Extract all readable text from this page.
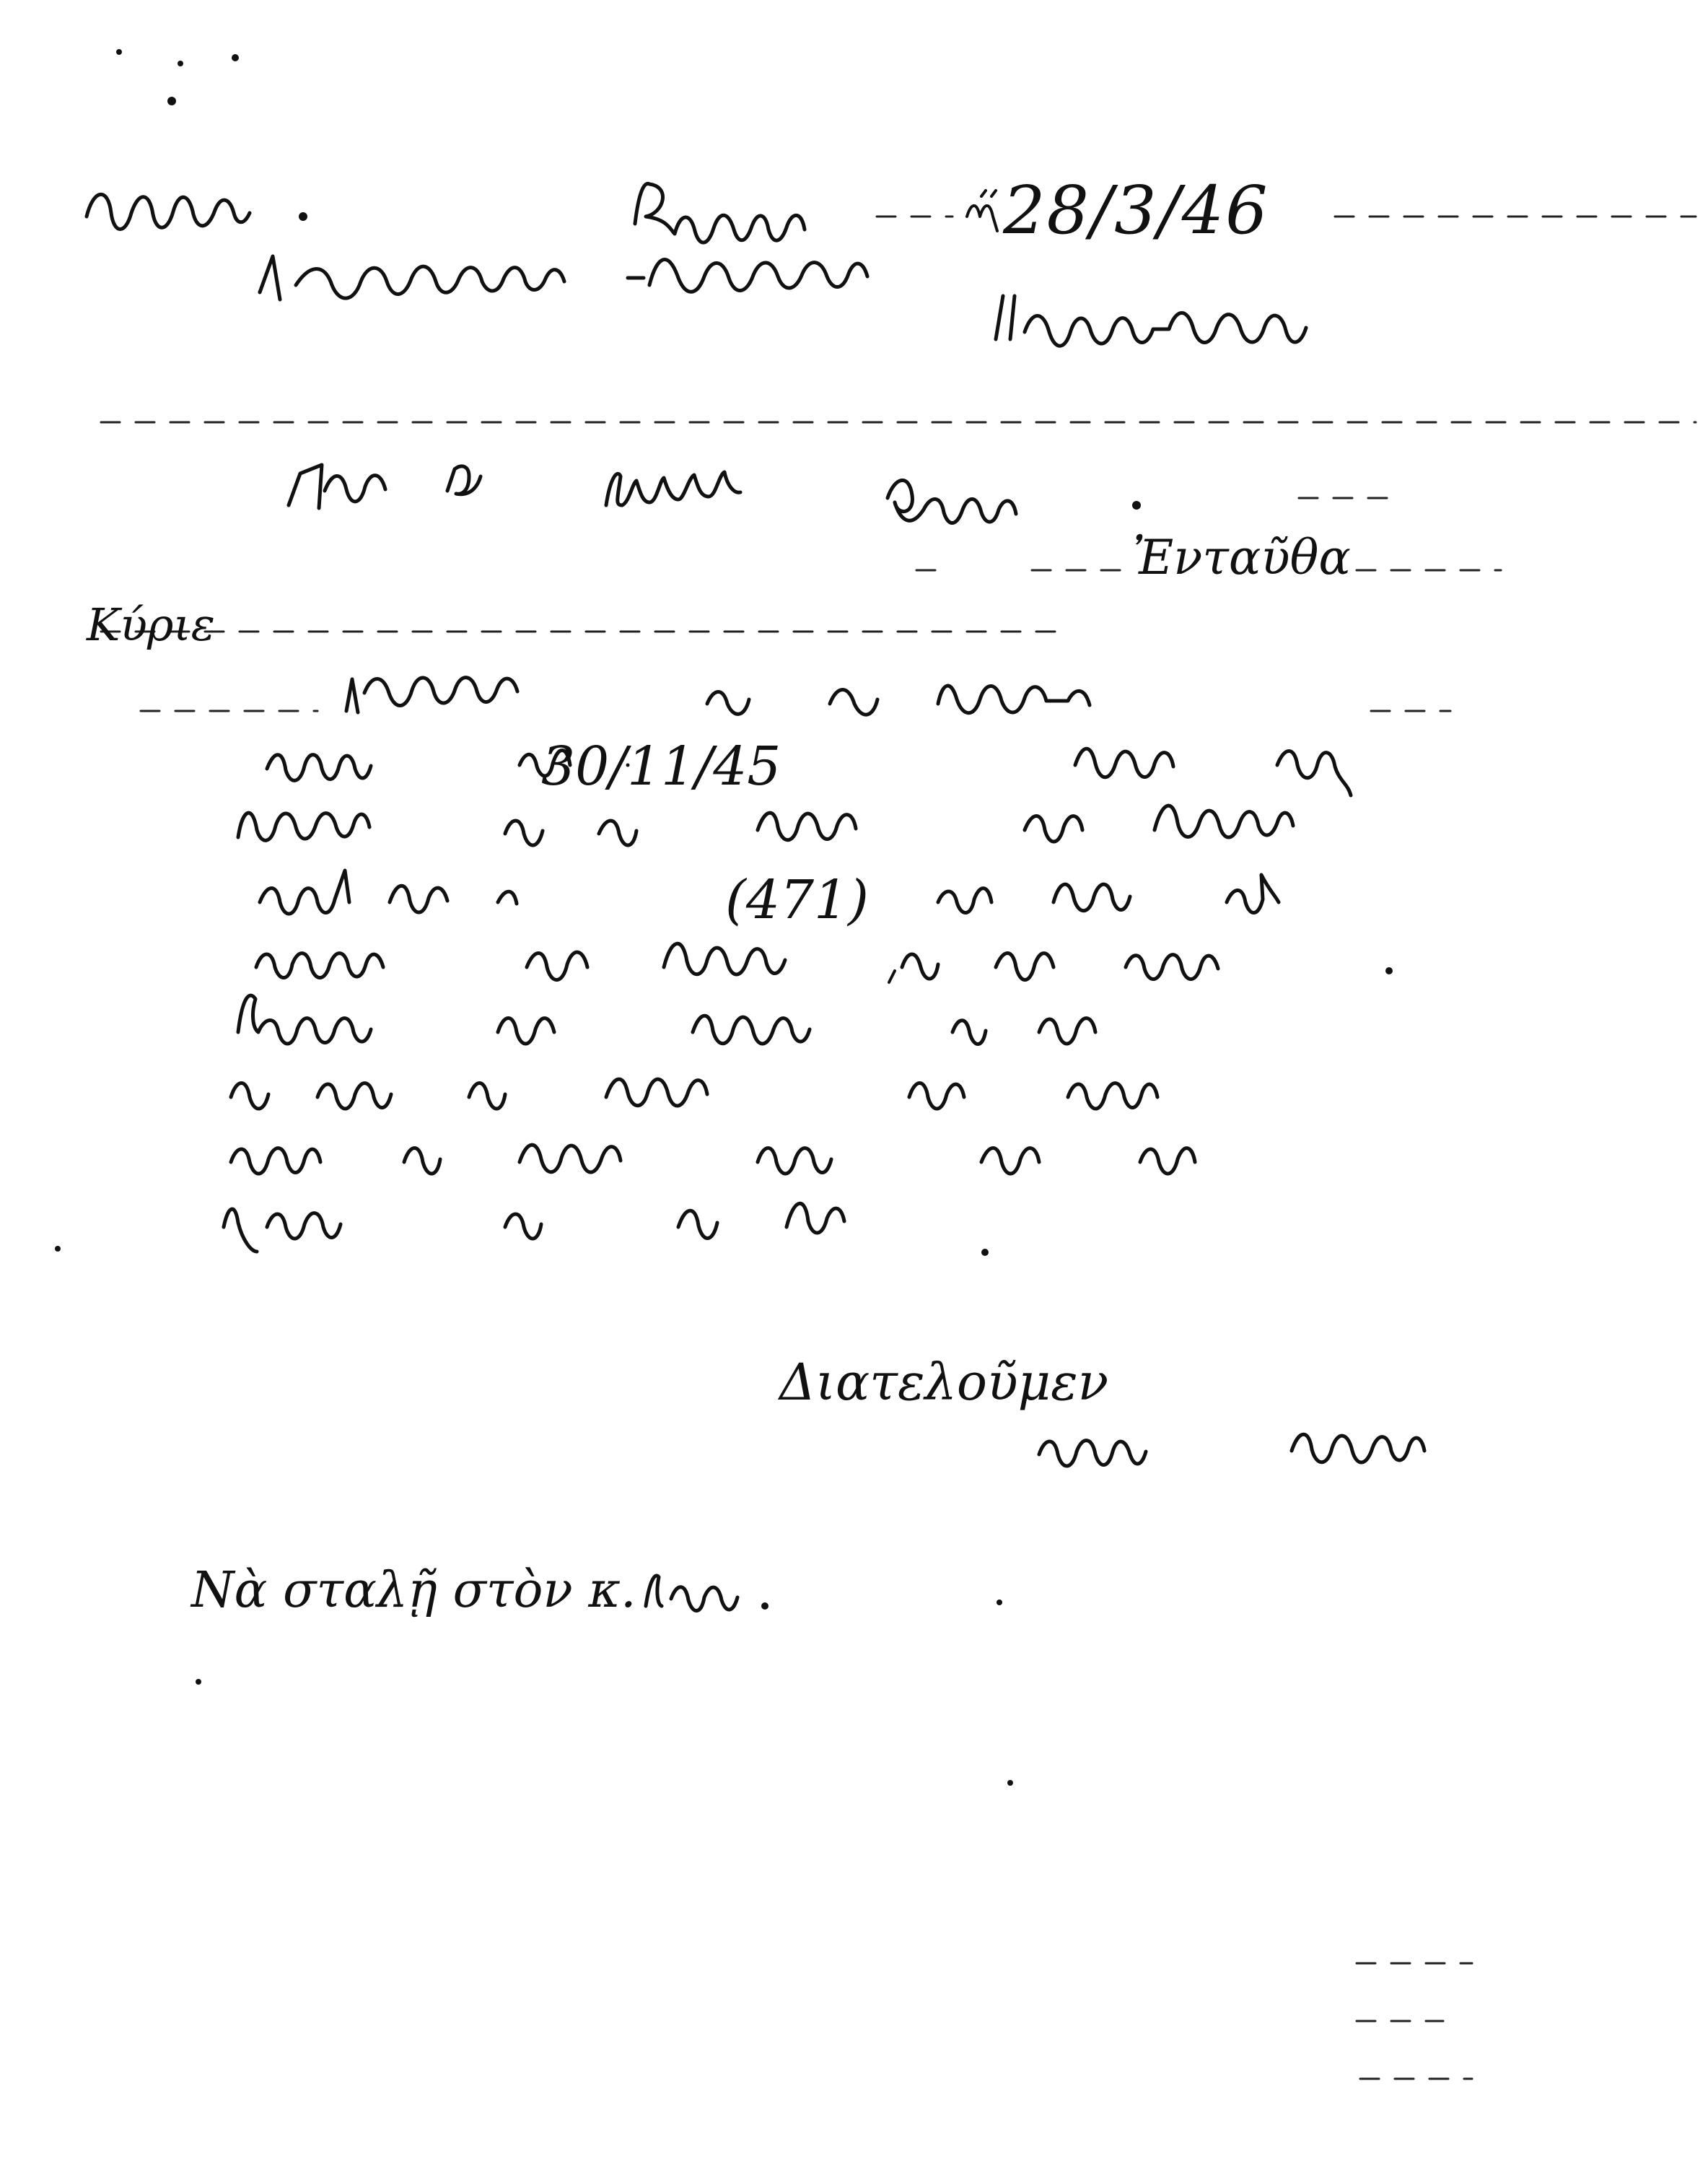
28/3/46
30/11/45
(471)
Ἐνταῦθα
Κύριε
Διατελοῦμεν
Νὰ σταλῇ στὸν κ.
